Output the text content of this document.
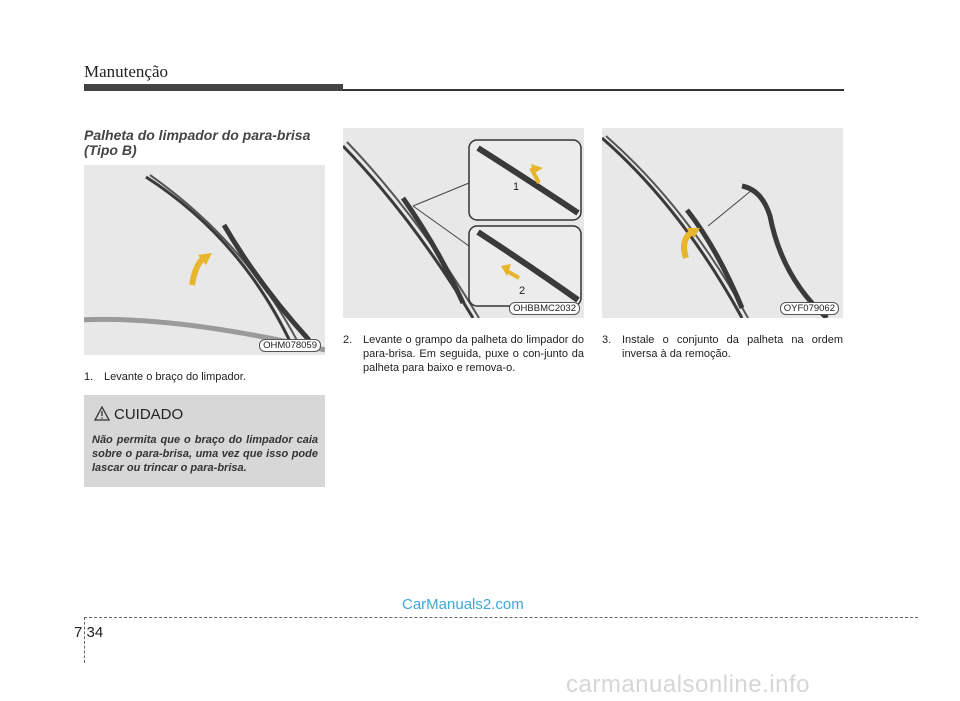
Manutenção
Palheta do limpador do para-brisa (Tipo B)
OHM078059
1
2
OHBBMC2032	OYF079062
1. Levante o braço do limpador.
2. Levante o grampo da palheta do limpador do para-brisa. Em seguida, puxe o con-junto da palheta para baixo e remova-o.
3. Instale o conjunto da palheta na ordem inversa à da remoção.
CUIDADO
Não permita que o braço do limpador caia sobre o para-brisa, uma vez que isso pode lascar ou trincar o para-brisa.
7 34
CarManuals2.com
carmanualsonline.info
